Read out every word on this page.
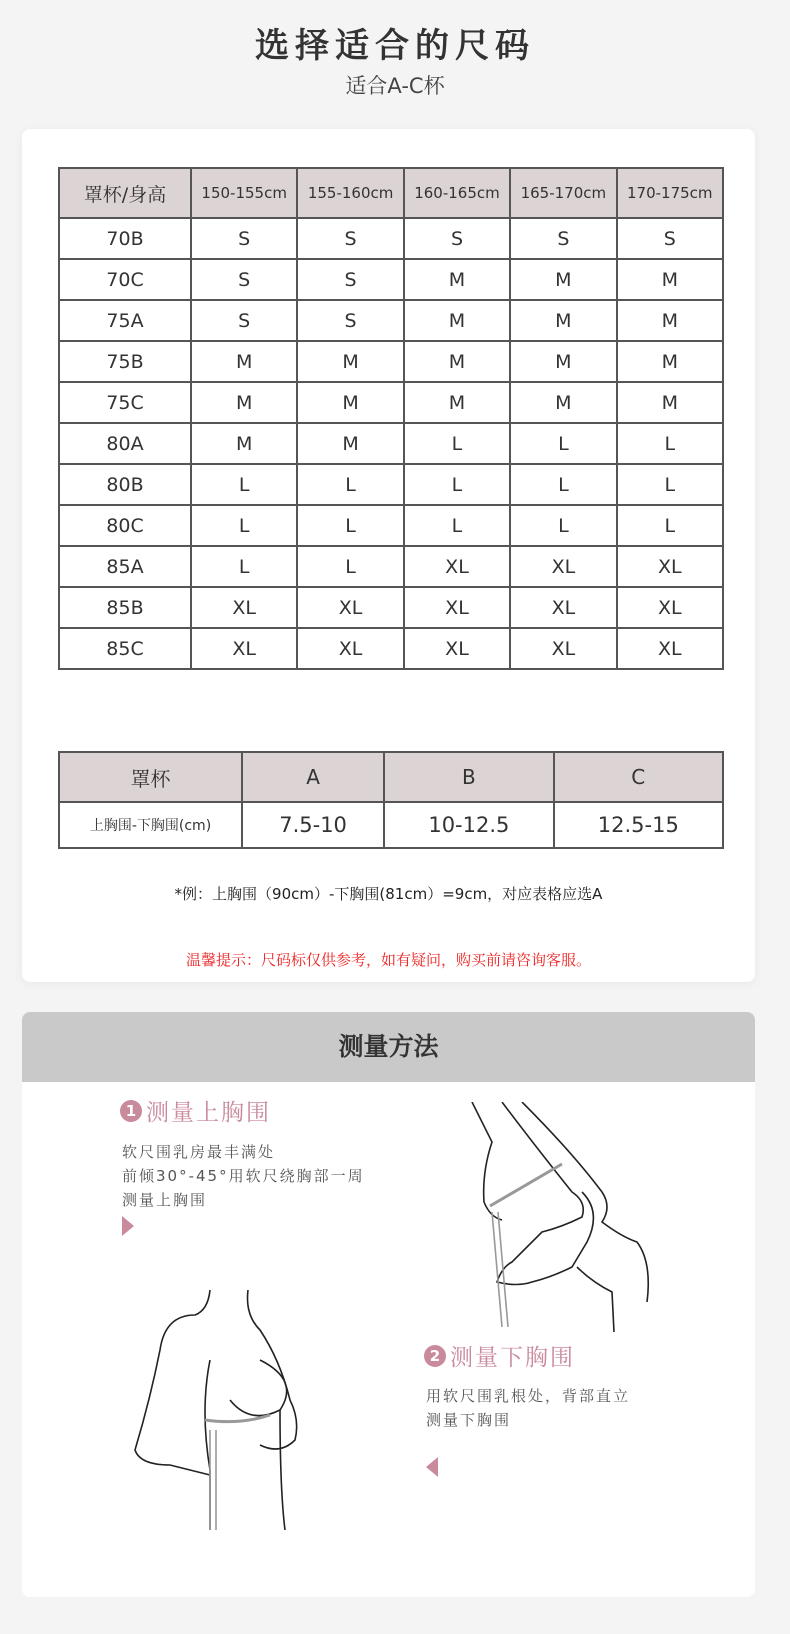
选择适合的尺码
适合A-C杯
罩杯/身高	150-155cm	155-160cm	160-165cm	165-170cm	170-175cm
70B	S	S	S	S	S
70C	S	S	M	M	M
75A	S	S	M	M	M
75B	M	M	M	M	M
75C	M	M	M	M	M
80A	M	M	L	L	L
80B	L	L	L	L	L
80C	L	L	L	L	L
85A	L	L	XL	XL	XL
85B	XL	XL	XL	XL	XL
85C	XL	XL	XL	XL	XL
罩杯	A	B	C
上胸围-下胸围(cm)	7.5-10	10-12.5	12.5-15
*例：上胸围（90cm）-下胸围(81cm）=9cm，对应表格应选A
温馨提示：尺码标仅供参考，如有疑问，购买前请咨询客服。
测量方法
1 测量上胸围
软尺围乳房最丰满处
前倾30°-45°用软尺绕胸部一周
测量上胸围
2 测量下胸围
用软尺围乳根处，背部直立
测量下胸围
